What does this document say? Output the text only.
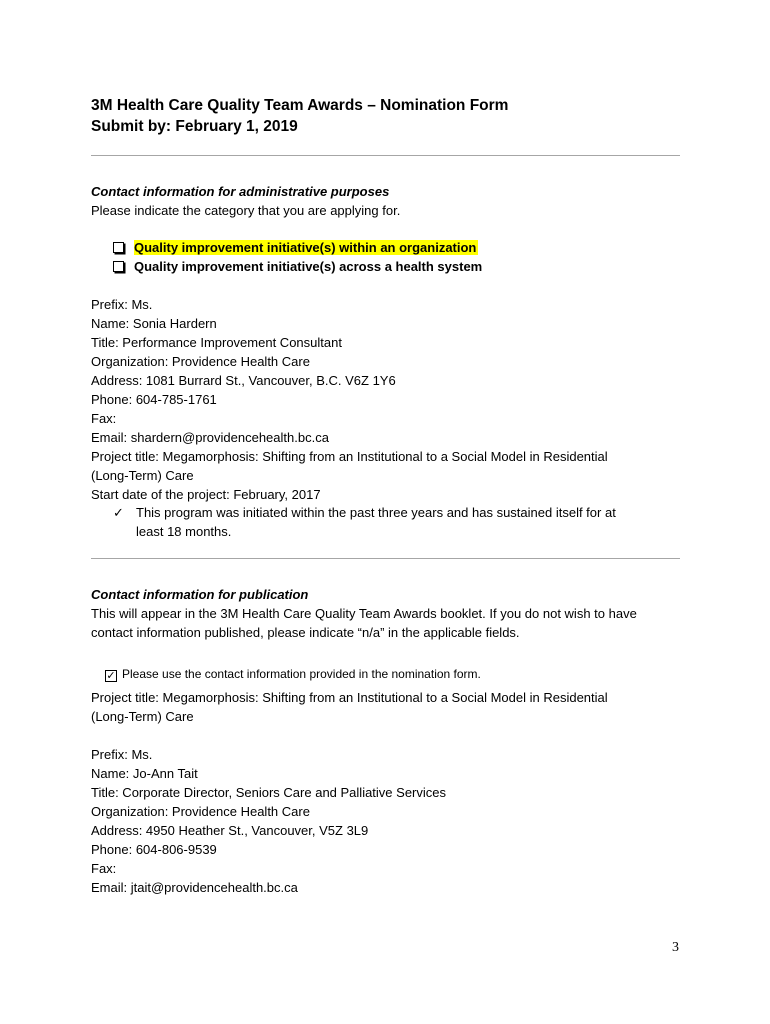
3M Health Care Quality Team Awards – Nomination Form
Submit by: February 1, 2019
Contact information for administrative purposes
Please indicate the category that you are applying for.
Quality improvement initiative(s) within an organization
Quality improvement initiative(s) across a health system
Prefix: Ms.
Name: Sonia Hardern
Title: Performance Improvement Consultant
Organization: Providence Health Care
Address: 1081 Burrard St., Vancouver, B.C. V6Z 1Y6
Phone: 604-785-1761
Fax:
Email: shardern@providencehealth.bc.ca
Project title: Megamorphosis: Shifting from an Institutional to a Social Model in Residential
(Long-Term) Care
Start date of the project: February, 2017
✓ This program was initiated within the past three years and has sustained itself for at
least 18 months.
Contact information for publication
This will appear in the 3M Health Care Quality Team Awards booklet. If you do not wish to have
contact information published, please indicate “n/a” in the applicable fields.
✓ Please use the contact information provided in the nomination form.
Project title: Megamorphosis: Shifting from an Institutional to a Social Model in Residential
(Long-Term) Care
Prefix: Ms.
Name: Jo-Ann Tait
Title: Corporate Director, Seniors Care and Palliative Services
Organization: Providence Health Care
Address: 4950 Heather St., Vancouver, V5Z 3L9
Phone: 604-806-9539
Fax:
Email: jtait@providencehealth.bc.ca
3
